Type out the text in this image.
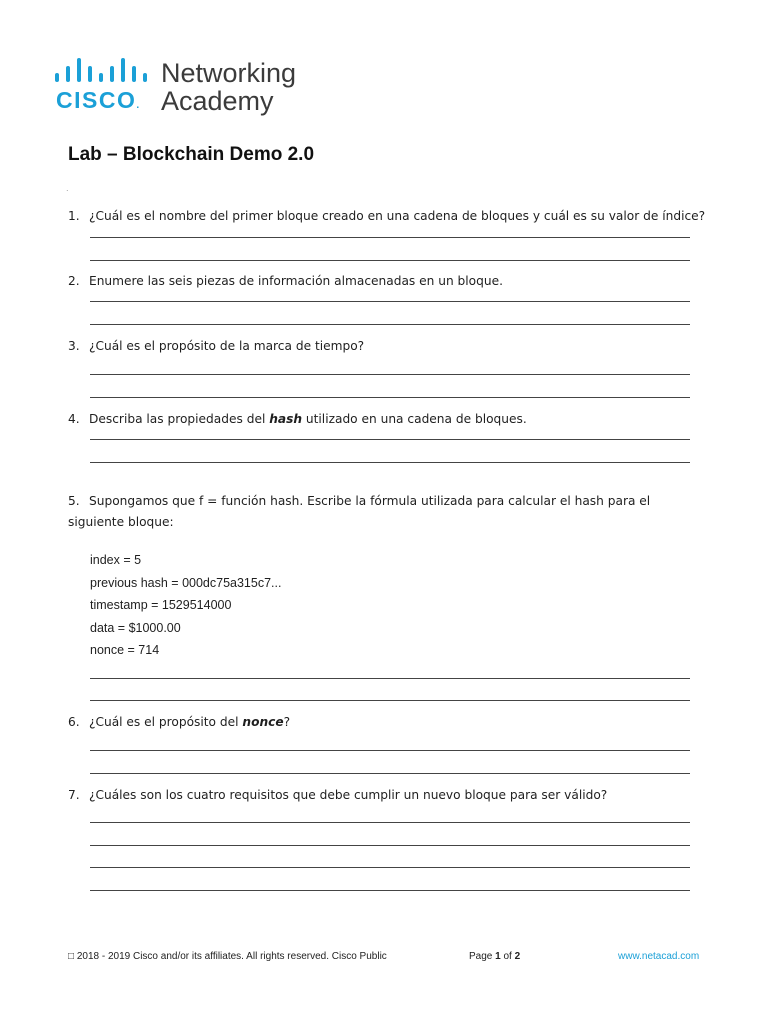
CISCO.
Networking
Academy
Lab – Blockchain Demo 2.0
.
1. ¿Cuál es el nombre del primer bloque creado en una cadena de bloques y cuál es su valor de índice?
2. Enumere las seis piezas de información almacenadas en un bloque.
3. ¿Cuál es el propósito de la marca de tiempo?
4. Describa las propiedades del hash utilizado en una cadena de bloques.
5. Supongamos que f = función hash. Escribe la fórmula utilizada para calcular el hash para el siguiente bloque:
index = 5
previous hash = 000dc75a315c7...
timestamp = 1529514000
data = $1000.00
nonce = 714
6. ¿Cuál es el propósito del nonce?
7. ¿Cuáles son los cuatro requisitos que debe cumplir un nuevo bloque para ser válido?
□ 2018 - 2019 Cisco and/or its affiliates. All rights reserved. Cisco Public	Page 1 of 2	www.netacad.com
